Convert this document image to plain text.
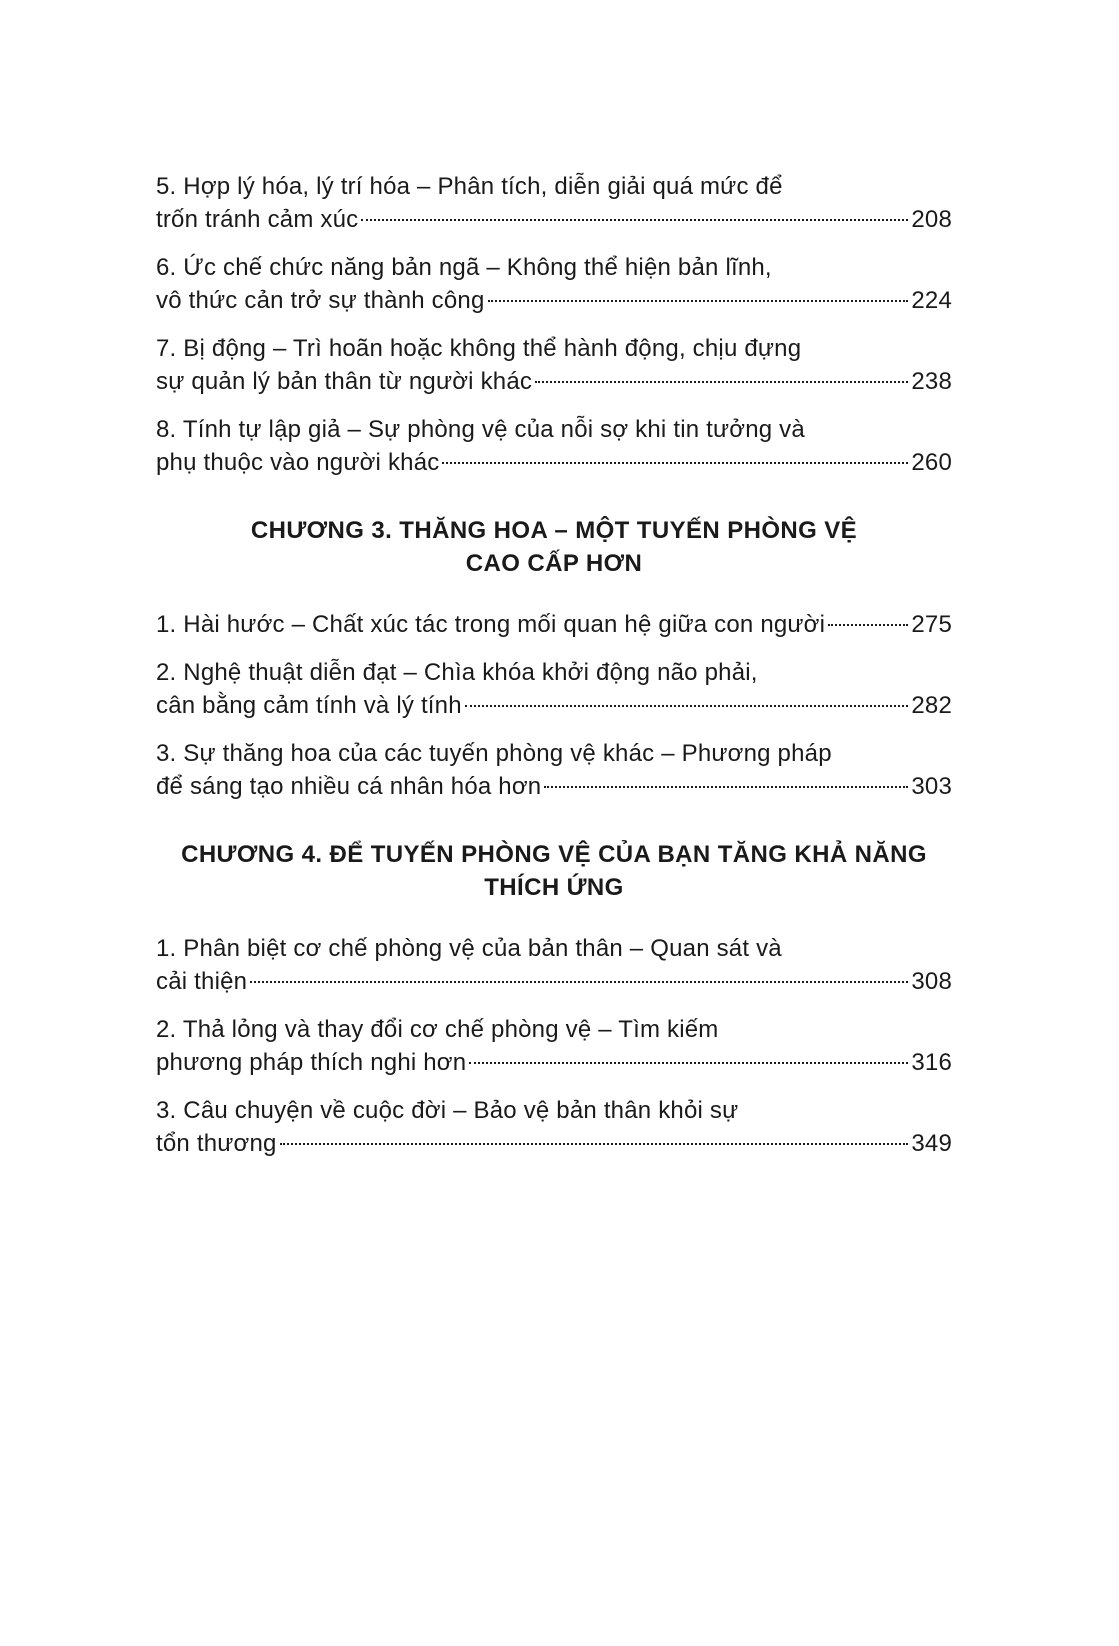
5. Hợp lý hóa, lý trí hóa – Phân tích, diễn giải quá mức để
trốn tránh cảm xúc	208
6. Ức chế chức năng bản ngã – Không thể hiện bản lĩnh,
vô thức cản trở sự thành công	224
7. Bị động – Trì hoãn hoặc không thể hành động, chịu đựng
sự quản lý bản thân từ người khác	238
8. Tính tự lập giả – Sự phòng vệ của nỗi sợ khi tin tưởng và
phụ thuộc vào người khác	260
CHƯƠNG 3. THĂNG HOA – MỘT TUYẾN PHÒNG VỆ
CAO CẤP HƠN
1. Hài hước – Chất xúc tác trong mối quan hệ giữa con người	275
2. Nghệ thuật diễn đạt – Chìa khóa khởi động não phải,
cân bằng cảm tính và lý tính	282
3. Sự thăng hoa của các tuyến phòng vệ khác – Phương pháp
để sáng tạo nhiều cá nhân hóa hơn	303
CHƯƠNG 4. ĐỂ TUYẾN PHÒNG VỆ CỦA BẠN TĂNG KHẢ NĂNG
THÍCH ỨNG
1. Phân biệt cơ chế phòng vệ của bản thân – Quan sát và
cải thiện	308
2. Thả lỏng và thay đổi cơ chế phòng vệ – Tìm kiếm
phương pháp thích nghi hơn	316
3. Câu chuyện về cuộc đời – Bảo vệ bản thân khỏi sự
tổn thương	349
